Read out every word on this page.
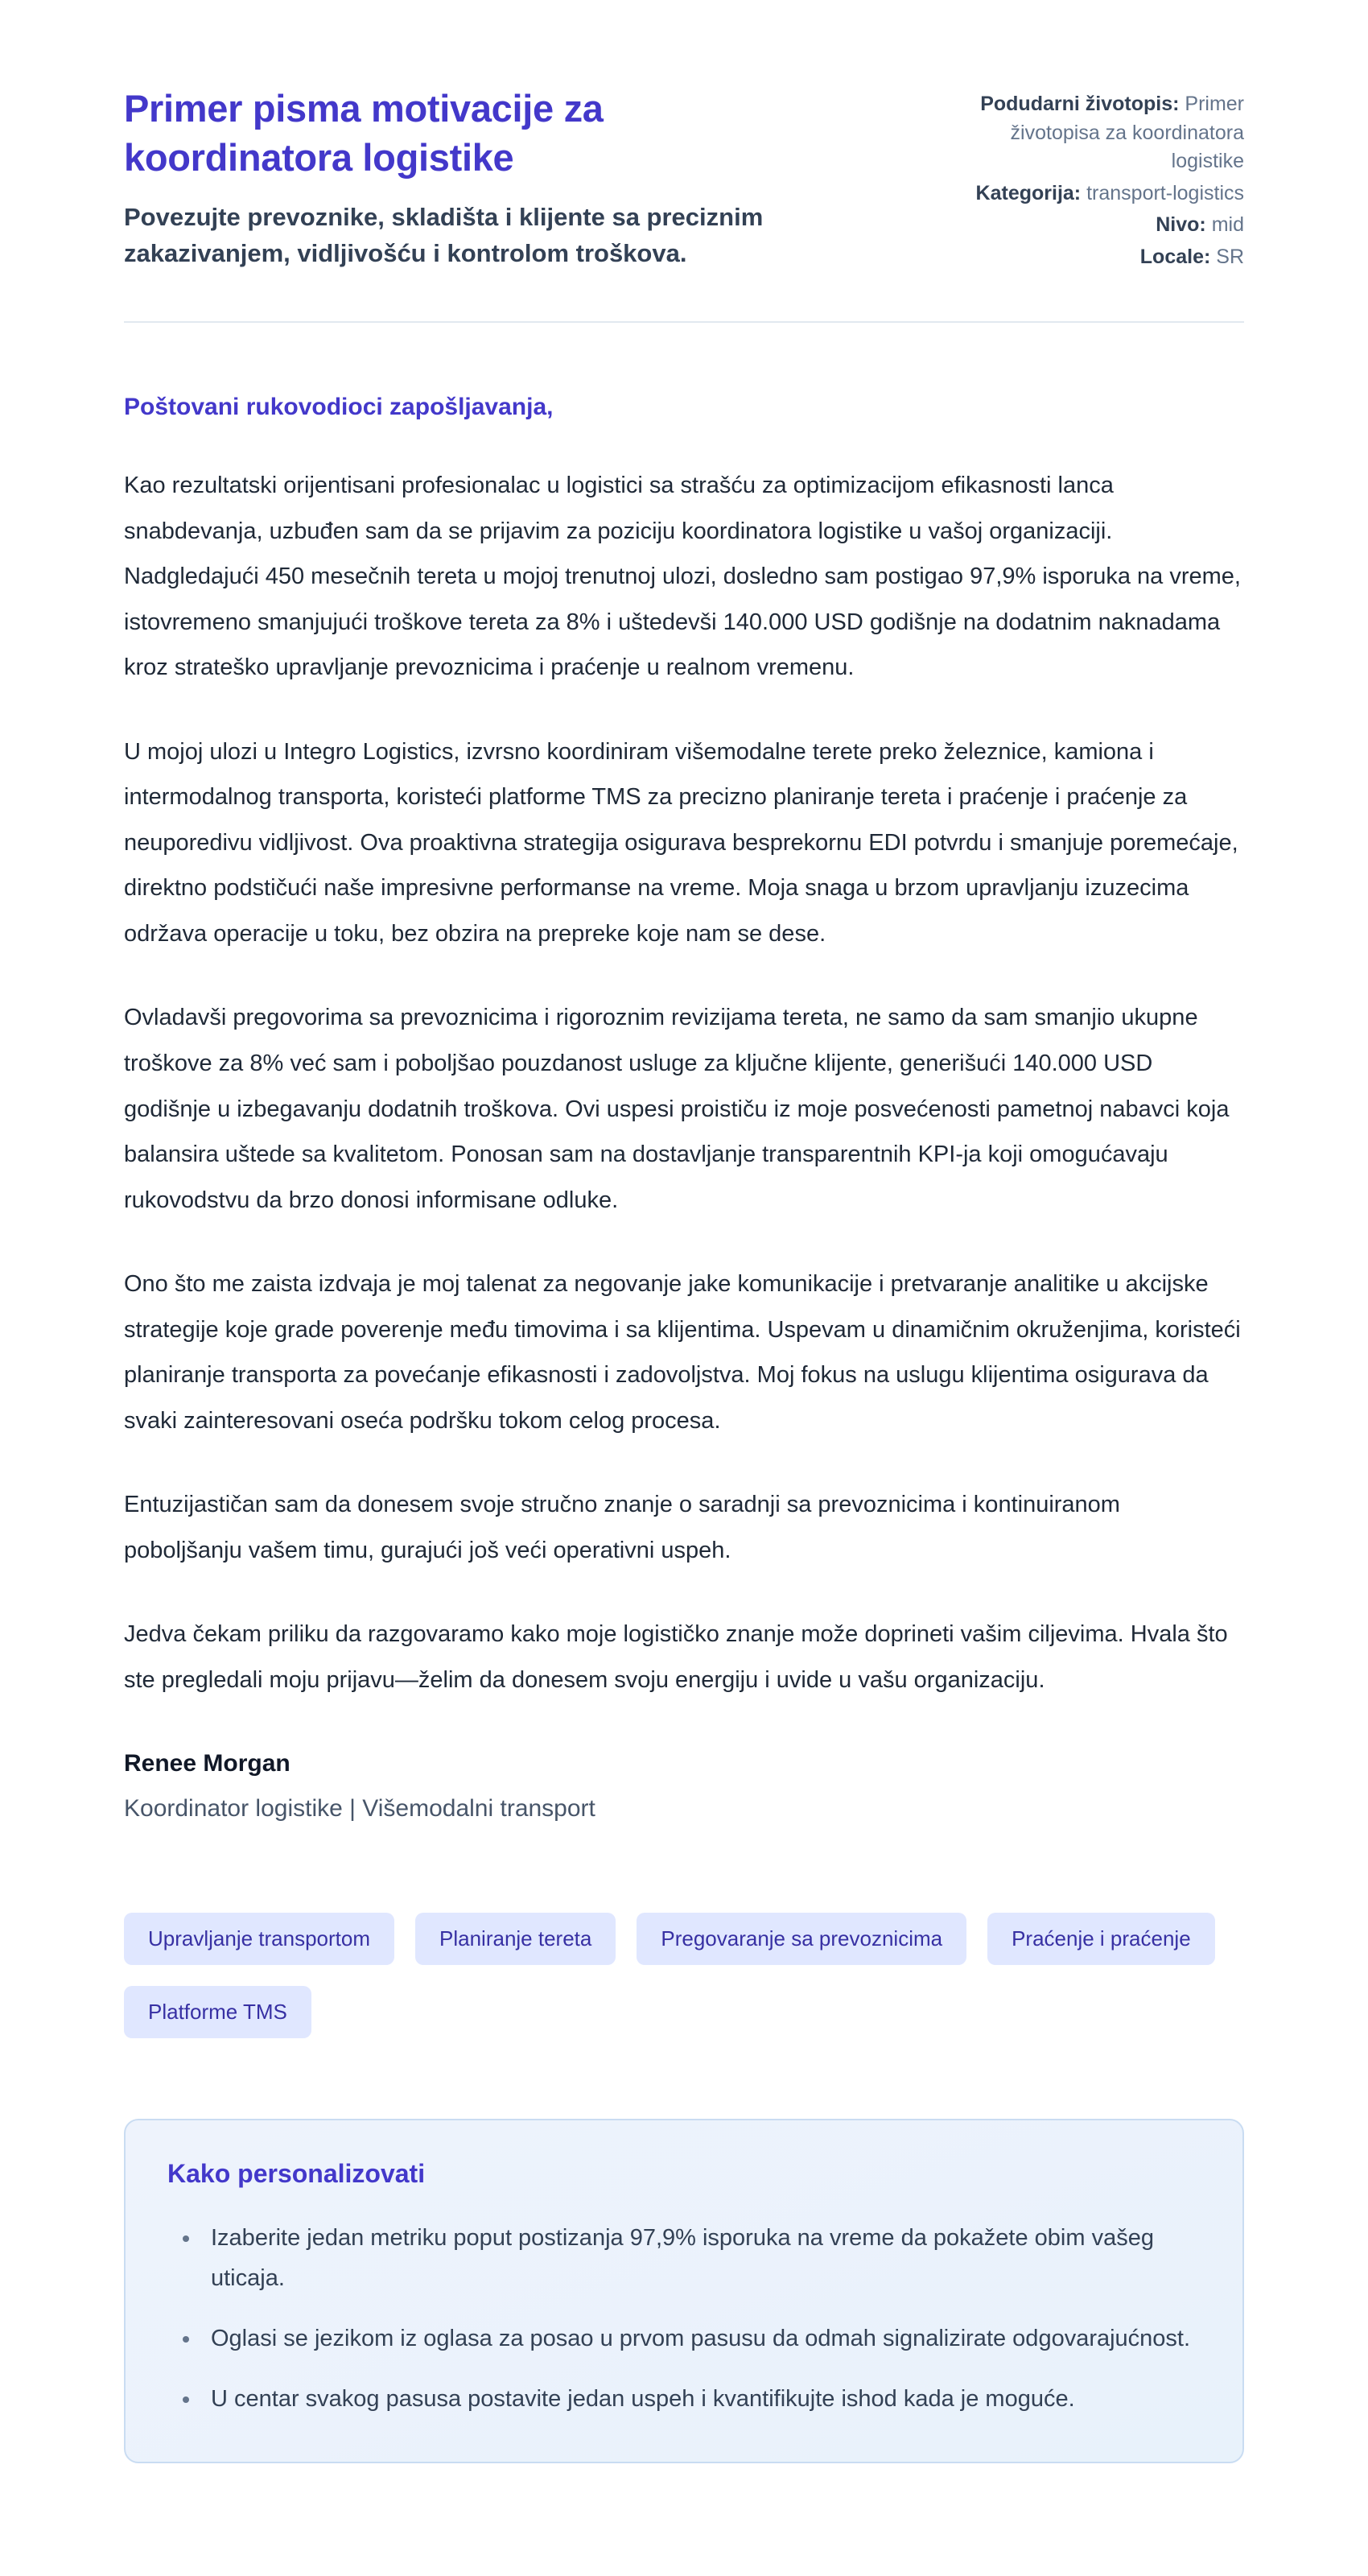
Primer pisma motivacije za koordinatora logistike
Povezujte prevoznike, skladišta i klijente sa preciznim zakazivanjem, vidljivošću i kontrolom troškova.
Podudarni životopis: Primer životopisa za koordinatora logistike
Kategorija: transport-logistics
Nivo: mid
Locale: SR

Poštovani rukovodioci zapošljavanja,

Kao rezultatski orijentisani profesionalac u logistici sa strašću za optimizacijom efikasnosti lanca snabdevanja, uzbuđen sam da se prijavim za poziciju koordinatora logistike u vašoj organizaciji. Nadgledajući 450 mesečnih tereta u mojoj trenutnoj ulozi, dosledno sam postigao 97,9% isporuka na vreme, istovremeno smanjujući troškove tereta za 8% i uštedevši 140.000 USD godišnje na dodatnim naknadama kroz strateško upravljanje prevoznicima i praćenje u realnom vremenu.

U mojoj ulozi u Integro Logistics, izvrsno koordiniram višemodalne terete preko železnice, kamiona i intermodalnog transporta, koristeći platforme TMS za precizno planiranje tereta i praćenje i praćenje za neuporedivu vidljivost. Ova proaktivna strategija osigurava besprekornu EDI potvrdu i smanjuje poremećaje, direktno podstičući naše impresivne performanse na vreme. Moja snaga u brzom upravljanju izuzecima održava operacije u toku, bez obzira na prepreke koje nam se dese.

Ovladavši pregovorima sa prevoznicima i rigoroznim revizijama tereta, ne samo da sam smanjio ukupne troškove za 8% već sam i poboljšao pouzdanost usluge za ključne klijente, generišući 140.000 USD godišnje u izbegavanju dodatnih troškova. Ovi uspesi proističu iz moje posvećenosti pametnoj nabavci koja balansira uštede sa kvalitetom. Ponosan sam na dostavljanje transparentnih KPI-ja koji omogućavaju rukovodstvu da brzo donosi informisane odluke.

Ono što me zaista izdvaja je moj talenat za negovanje jake komunikacije i pretvaranje analitike u akcijske strategije koje grade poverenje među timovima i sa klijentima. Uspevam u dinamičnim okruženjima, koristeći planiranje transporta za povećanje efikasnosti i zadovoljstva. Moj fokus na uslugu klijentima osigurava da svaki zainteresovani oseća podršku tokom celog procesa.

Entuzijastičan sam da donesem svoje stručno znanje o saradnji sa prevoznicima i kontinuiranom poboljšanju vašem timu, gurajući još veći operativni uspeh.

Jedva čekam priliku da razgovaramo kako moje logističko znanje može doprineti vašim ciljevima. Hvala što ste pregledali moju prijavu—želim da donesem svoju energiju i uvide u vašu organizaciju.

Renee Morgan

Koordinator logistike | Višemodalni transport

Upravljanje transportom	Planiranje tereta	Pregovaranje sa prevoznicima	Praćenje i praćenje
Platforme TMS
Kako personalizovati
• Izaberite jedan metriku poput postizanja 97,9% isporuka na vreme da pokažete obim vašeg uticaja.
• Oglasi se jezikom iz oglasa za posao u prvom pasusu da odmah signalizirate odgovarajućnost.
• U centar svakog pasusa postavite jedan uspeh i kvantifikujte ishod kada je moguće.
